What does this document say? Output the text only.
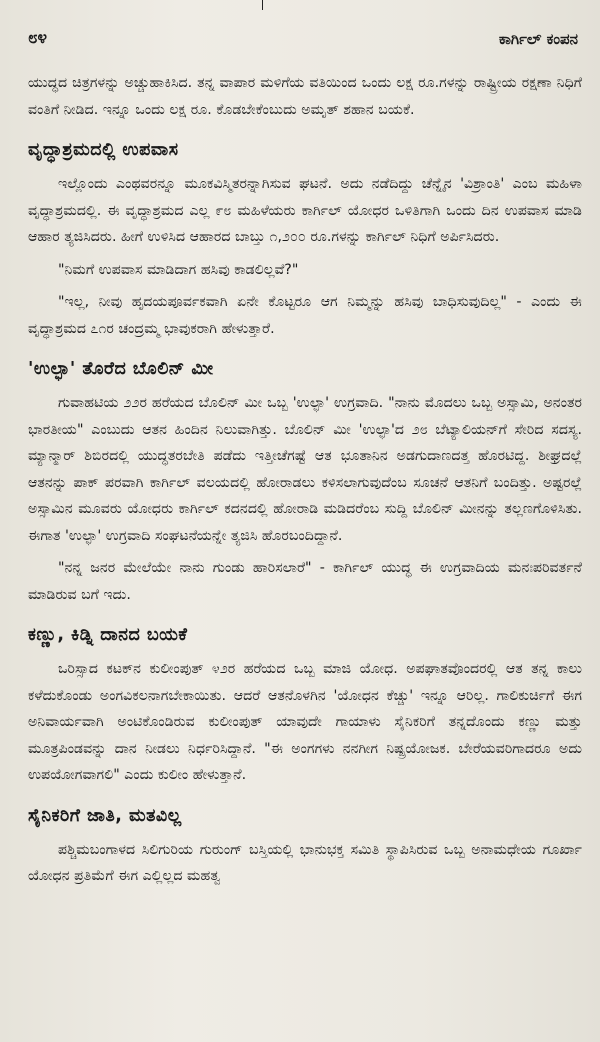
೮೪	ಕಾರ್ಗಿಲ್ ಕಂಪನ

ಯುದ್ಧದ ಚಿತ್ರಗಳನ್ನು ಅಚ್ಚುಹಾಕಿಸಿದ. ತನ್ನ ವಾಪಾರ ಮಳಿಗೆಯ ವತಿಯಿಂದ ಒಂದು ಲಕ್ಷ ರೂ.ಗಳನ್ನು ರಾಷ್ಟ್ರೀಯ ರಕ್ಷಣಾ ನಿಧಿಗೆ ವಂತಿಗೆ ನೀಡಿದ. ಇನ್ನೂ ಒಂದು ಲಕ್ಷ ರೂ. ಕೊಡಬೇಕೆಂಬುದು ಅಮೃತ್ ಶಹಾನ ಬಯಕೆ.

ವೃದ್ಧಾಶ್ರಮದಲ್ಲಿ ಉಪವಾಸ

ಇಲ್ಲೊಂದು ಎಂಥವರನ್ನೂ ಮೂಕವಿಸ್ಮಿತರನ್ನಾಗಿಸುವ ಘಟನೆ. ಅದು ನಡೆದಿದ್ದು ಚೆನ್ನೈನ 'ವಿಶ್ರಾಂತಿ' ಎಂಬ ಮಹಿಳಾ ವೃದ್ಧಾಶ್ರಮದಲ್ಲಿ. ಈ ವೃದ್ಧಾಶ್ರಮದ ಎಲ್ಲ ೯೮ ಮಹಿಳೆಯರು ಕಾರ್ಗಿಲ್ ಯೋಧರ ಒಳಿತಿಗಾಗಿ ಒಂದು ದಿನ ಉಪವಾಸ ಮಾಡಿ ಆಹಾರ ತ್ಯಜಿಸಿದರು. ಹೀಗೆ ಉಳಿಸಿದ ಆಹಾರದ ಬಾಬ್ತು ೧,೨೦೦ ರೂ.ಗಳನ್ನು ಕಾರ್ಗಿಲ್ ನಿಧಿಗೆ ಅರ್ಪಿಸಿದರು.

"ನಿಮಗೆ ಉಪವಾಸ ಮಾಡಿದಾಗ ಹಸಿವು ಕಾಡಲಿಲ್ಲವೆ?"

"ಇಲ್ಲ, ನೀವು ಹೃದಯಪೂರ್ವಕವಾಗಿ ಏನೇ ಕೊಟ್ಟರೂ ಆಗ ನಿಮ್ಮನ್ನು ಹಸಿವು ಬಾಧಿಸುವುದಿಲ್ಲ" - ಎಂದು ಈ ವೃದ್ಧಾಶ್ರಮದ ೭೧ರ ಚಂದ್ರಮ್ಮ ಭಾವುಕರಾಗಿ ಹೇಳುತ್ತಾರೆ.

'ಉಲ್ಫಾ' ತೊರೆದ ಬೊಲಿನ್ ಮೀ

ಗುವಾಹಟಿಯ ೨೨ರ ಹರೆಯದ ಬೊಲಿನ್ ಮೀ ಒಬ್ಬ 'ಉಲ್ಫಾ' ಉಗ್ರವಾದಿ. "ನಾನು ಮೊದಲು ಒಬ್ಬ ಅಸ್ಸಾಮಿ, ಅನಂತರ ಭಾರತೀಯ" ಎಂಬುದು ಆತನ ಹಿಂದಿನ ನಿಲುವಾಗಿತ್ತು. ಬೊಲಿನ್ ಮೀ 'ಉಲ್ಫಾ'ದ ೨೮ ಬೆಟ್ಯಾಲಿಯನ್‌ಗೆ ಸೇರಿದ ಸದಸ್ಯ. ಮ್ಯಾನ್ಮಾರ್ ಶಿಬಿರದಲ್ಲಿ ಯುದ್ಧತರಬೇತಿ ಪಡೆದು ಇತ್ತೀಚೆಗಷ್ಟೆ ಆತ ಭೂತಾನಿನ ಅಡಗುದಾಣದತ್ತ ಹೊರಟಿದ್ದ. ಶೀಘ್ರದಲ್ಲೆ ಆತನನ್ನು ಪಾಕ್ ಪರವಾಗಿ ಕಾರ್ಗಿಲ್ ವಲಯದಲ್ಲಿ ಹೋರಾಡಲು ಕಳಿಸಲಾಗುವುದೆಂಬ ಸೂಚನೆ ಆತನಿಗೆ ಬಂದಿತ್ತು. ಅಷ್ಟರಲ್ಲೆ ಅಸ್ಸಾಮಿನ ಮೂವರು ಯೋಧರು ಕಾರ್ಗಿಲ್ ಕದನದಲ್ಲಿ ಹೋರಾಡಿ ಮಡಿದರೆಂಬ ಸುದ್ದಿ ಬೊಲಿನ್ ಮೀನನ್ನು ತಲ್ಲಣಗೊಳಿಸಿತು. ಈಗಾತ 'ಉಲ್ಫಾ' ಉಗ್ರವಾದಿ ಸಂಘಟನೆಯನ್ನೇ ತ್ಯಜಿಸಿ ಹೊರಬಂದಿದ್ದಾನೆ.

"ನನ್ನ ಜನರ ಮೇಲೆಯೇ ನಾನು ಗುಂಡು ಹಾರಿಸಲಾರೆ" - ಕಾರ್ಗಿಲ್ ಯುದ್ಧ ಈ ಉಗ್ರವಾದಿಯ ಮನಃಪರಿವರ್ತನೆ ಮಾಡಿರುವ ಬಗೆ ಇದು.

ಕಣ್ಣು, ಕಿಡ್ನಿ ದಾನದ ಬಯಕೆ

ಒರಿಸ್ಸಾದ ಕಟಕ್‌ನ ಕುಲೀಂಪುತ್ ೪೨ರ ಹರೆಯದ ಒಬ್ಬ ಮಾಜಿ ಯೋಧ. ಅಪಘಾತವೊಂದರಲ್ಲಿ ಆತ ತನ್ನ ಕಾಲು ಕಳೆದುಕೊಂಡು ಅಂಗವಿಕಲನಾಗಬೇಕಾಯಿತು. ಆದರೆ ಆತನೊಳಗಿನ 'ಯೋಧನ ಕೆಚ್ಚು' ಇನ್ನೂ ಆರಿಲ್ಲ. ಗಾಲಿಕುರ್ಚಿಗೆ ಈಗ ಅನಿವಾರ್ಯವಾಗಿ ಅಂಟಿಕೊಂಡಿರುವ ಕುಲೀಂಪುತ್ ಯಾವುದೇ ಗಾಯಾಳು ಸೈನಿಕರಿಗೆ ತನ್ನದೊಂದು ಕಣ್ಣು ಮತ್ತು ಮೂತ್ರಪಿಂಡವನ್ನು ದಾನ ನೀಡಲು ನಿರ್ಧರಿಸಿದ್ದಾನೆ. "ಈ ಅಂಗಗಳು ನನಗೀಗ ನಿಷ್ಪ್ರಯೋಜಕ. ಬೇರೆಯವರಿಗಾದರೂ ಅದು ಉಪಯೋಗವಾಗಲಿ" ಎಂದು ಕುಲೀಂ ಹೇಳುತ್ತಾನೆ.

ಸೈನಿಕರಿಗೆ ಜಾತಿ, ಮತವಿಲ್ಲ

ಪಶ್ಚಿಮಬಂಗಾಳದ ಸಿಲಿಗುರಿಯ ಗುರುಂಗ್ ಬಸ್ತಿಯಲ್ಲಿ ಭಾನುಭಕ್ತ ಸಮಿತಿ ಸ್ಥಾಪಿಸಿರುವ ಒಬ್ಬ ಅನಾಮಧೇಯ ಗೂರ್ಖಾ ಯೋಧನ ಪ್ರತಿಮೆಗೆ ಈಗ ಎಲ್ಲಿಲ್ಲದ ಮಹತ್ವ
